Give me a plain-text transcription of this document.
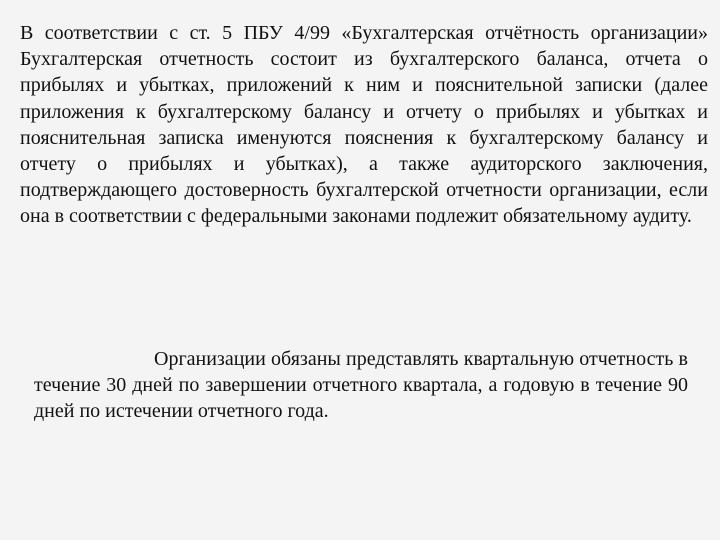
В соответствии с ст. 5 ПБУ 4/99 «Бухгалтерская отчётность организации» Бухгалтерская отчетность состоит из бухгалтерского баланса, отчета о прибылях и убытках, приложений к ним и пояснительной записки (далее приложения к бухгалтерскому балансу и отчету о прибылях и убытках и пояснительная записка именуются пояснения к бухгалтерскому балансу и отчету о прибылях и убытках), а также аудиторского заключения, подтверждающего достоверность бухгалтерской отчетности организации, если она в соответствии с федеральными законами подлежит обязательному аудиту.

Организации обязаны представлять квартальную отчетность в течение 30 дней по завершении отчетного квартала, а годовую в течение 90 дней по истечении отчетного года.
